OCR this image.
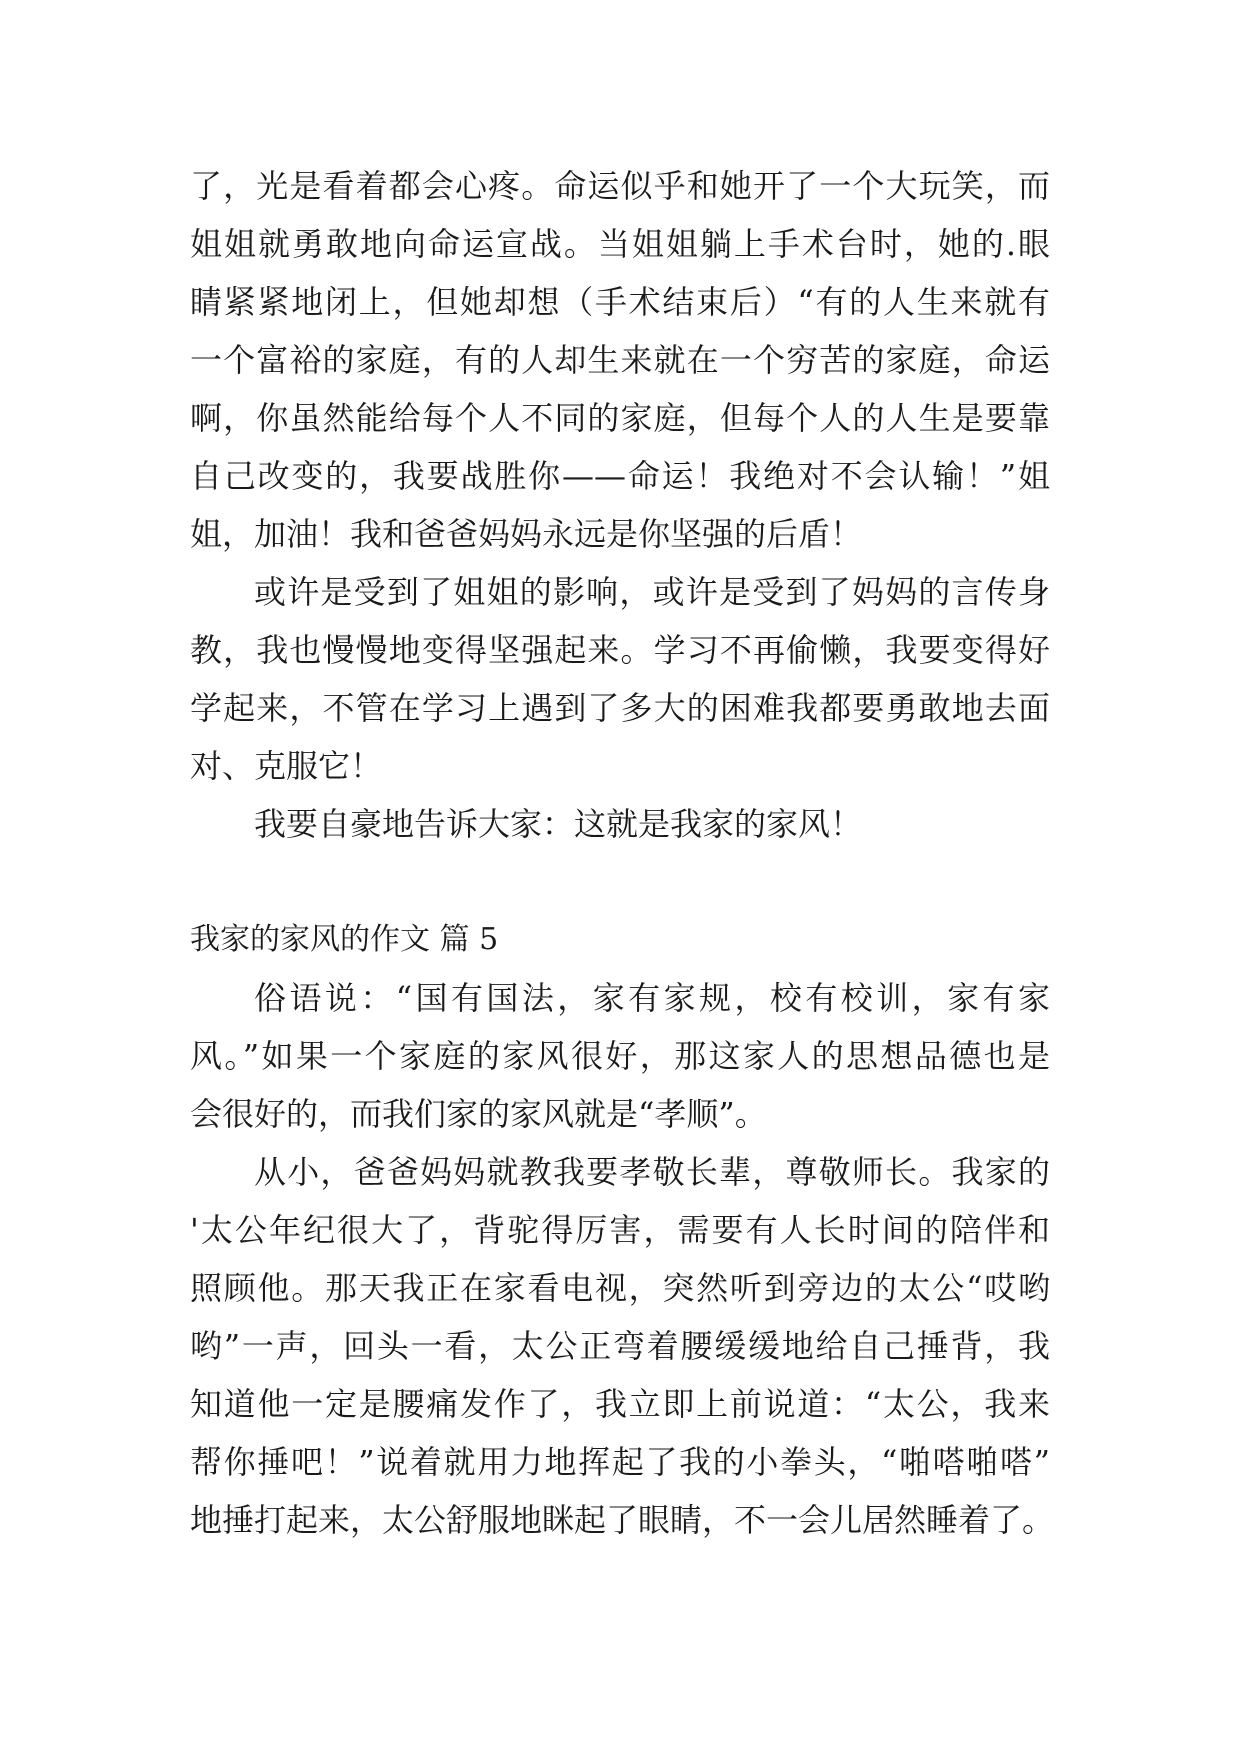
了，光是看着都会心疼。命运似乎和她开了一个大玩笑，而
姐姐就勇敢地向命运宣战。当姐姐躺上手术台时，她的.眼
睛紧紧地闭上，但她却想（手术结束后）“有的人生来就有
一个富裕的家庭，有的人却生来就在一个穷苦的家庭，命运
啊，你虽然能给每个人不同的家庭，但每个人的人生是要靠
自己改变的，我要战胜你——命运！我绝对不会认输！”姐
姐，加油！我和爸爸妈妈永远是你坚强的后盾！
或许是受到了姐姐的影响，或许是受到了妈妈的言传身
教，我也慢慢地变得坚强起来。学习不再偷懒，我要变得好
学起来，不管在学习上遇到了多大的困难我都要勇敢地去面
对、克服它！
我要自豪地告诉大家：这就是我家的家风！
我家的家风的作文 篇 5
俗语说：“国有国法，家有家规，校有校训，家有家
风。”如果一个家庭的家风很好，那这家人的思想品德也是
会很好的，而我们家的家风就是“孝顺”。
从小，爸爸妈妈就教我要孝敬长辈，尊敬师长。我家的
'太公年纪很大了，背驼得厉害，需要有人长时间的陪伴和
照顾他。那天我正在家看电视，突然听到旁边的太公“哎哟
哟”一声，回头一看，太公正弯着腰缓缓地给自己捶背，我
知道他一定是腰痛发作了，我立即上前说道：“太公，我来
帮你捶吧！”说着就用力地挥起了我的小拳头，“啪嗒啪嗒”
地捶打起来，太公舒服地眯起了眼睛，不一会儿居然睡着了。
